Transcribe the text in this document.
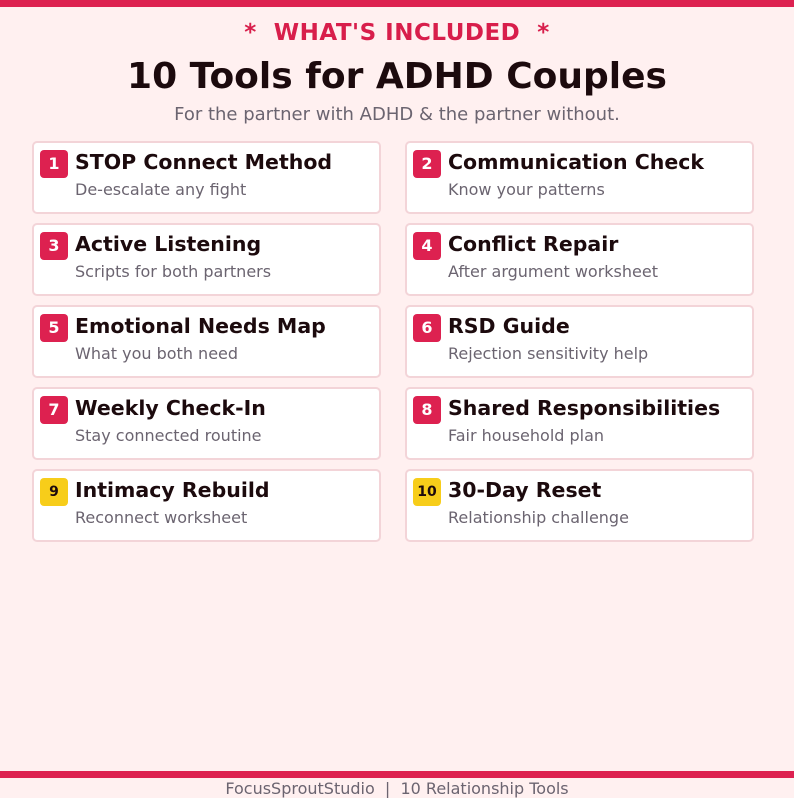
*  WHAT'S INCLUDED  *
10 Tools for ADHD Couples
For the partner with ADHD & the partner without.
1 STOP Connect Method
De-escalate any fight
2 Communication Check
Know your patterns
3 Active Listening
Scripts for both partners
4 Conflict Repair
After argument worksheet
5 Emotional Needs Map
What you both need
6 RSD Guide
Rejection sensitivity help
7 Weekly Check-In
Stay connected routine
8 Shared Responsibilities
Fair household plan
9 Intimacy Rebuild
Reconnect worksheet
10 30-Day Reset
Relationship challenge
FocusSproutStudio  |  10 Relationship Tools
